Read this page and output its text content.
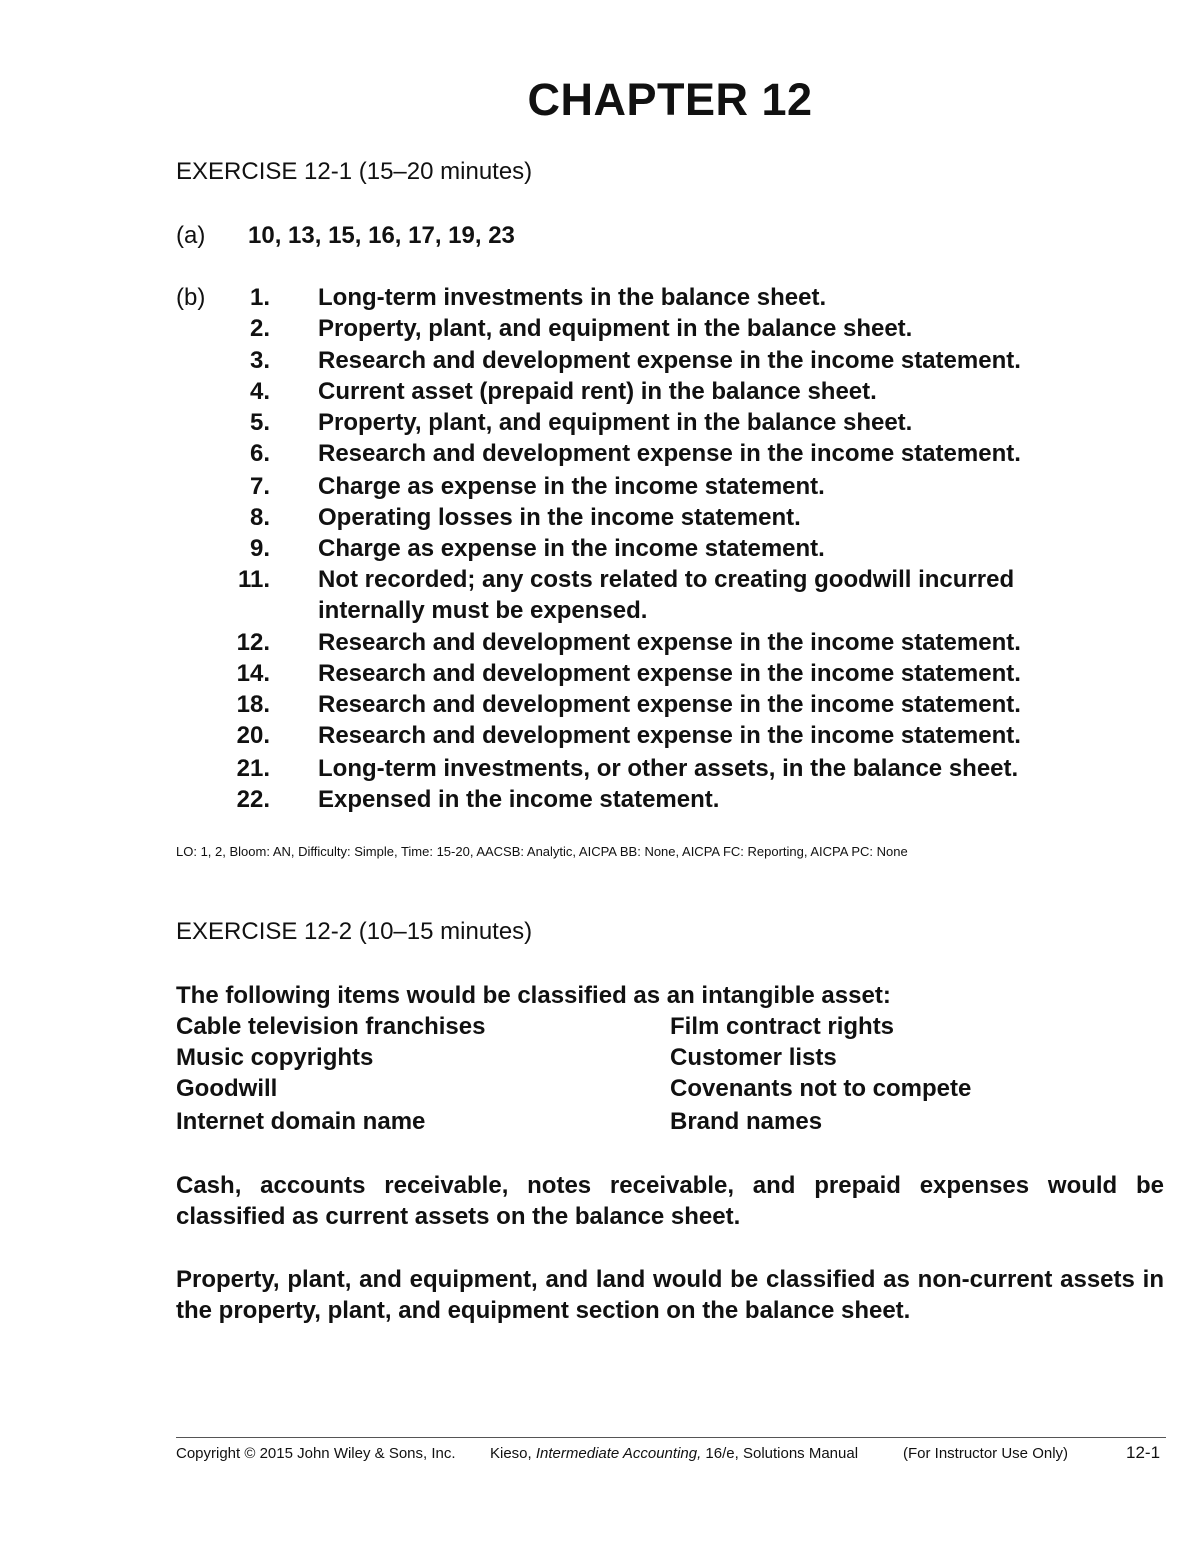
CHAPTER 12
EXERCISE 12-1 (15–20 minutes)
(a) 10, 13, 15, 16, 17, 19, 23
(b)	1. Long-term investments in the balance sheet.
2. Property, plant, and equipment in the balance sheet.
3. Research and development expense in the income statement.
4. Current asset (prepaid rent) in the balance sheet.
5. Property, plant, and equipment in the balance sheet.
6. Research and development expense in the income statement.
7. Charge as expense in the income statement.
8. Operating losses in the income statement.
9. Charge as expense in the income statement.
11. Not recorded; any costs related to creating goodwill incurred
internally must be expensed.
12. Research and development expense in the income statement.
14. Research and development expense in the income statement.
18. Research and development expense in the income statement.
20. Research and development expense in the income statement.
21. Long-term investments, or other assets, in the balance sheet.
22. Expensed in the income statement.
LO: 1, 2, Bloom: AN, Difficulty: Simple, Time: 15-20, AACSB: Analytic, AICPA BB: None, AICPA FC: Reporting, AICPA PC: None
EXERCISE 12-2 (10–15 minutes)
The following items would be classified as an intangible asset:
Cable television franchises	Film contract rights
Music copyrights	Customer lists
Goodwill	Covenants not to compete
Internet domain name	Brand names
Cash, accounts receivable, notes receivable, and prepaid expenses would be classified as current assets on the balance sheet.
Property, plant, and equipment, and land would be classified as non-current assets in the property, plant, and equipment section on the balance sheet.
Copyright © 2015 John Wiley & Sons, Inc. Kieso, Intermediate Accounting, 16/e, Solutions Manual	(For Instructor Use Only)	12-1
